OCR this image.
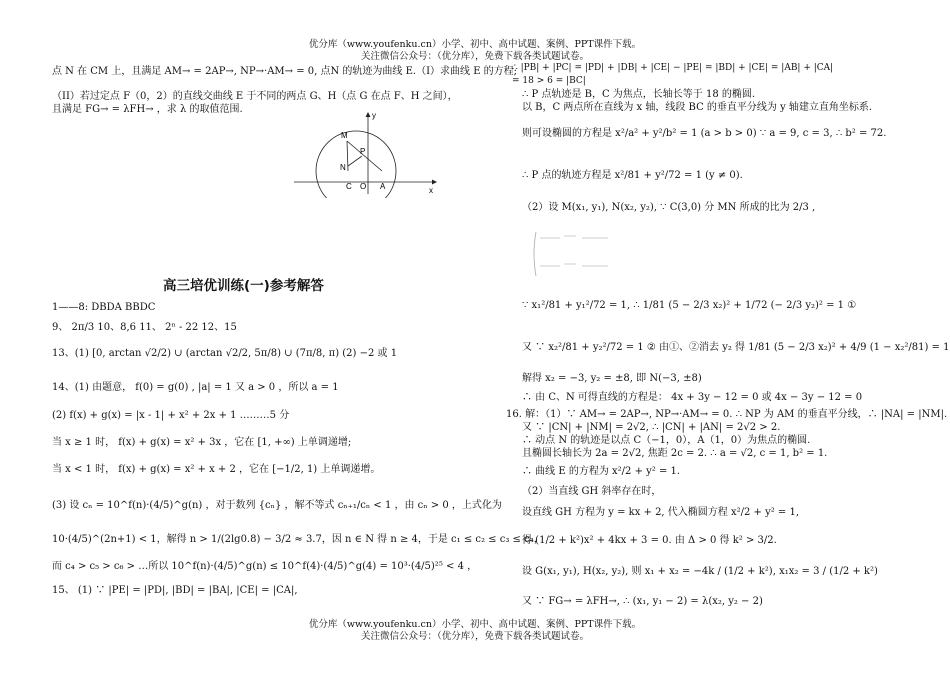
优分库（www.youfenku.cn）小学、初中、高中试题、案例、PPT课件下载。
关注微信公众号：（优分库），免费下载各类试题试卷。
点 N 在 CM 上，且满足 AM→ = 2AP→, NP→·AM→ = 0, 点N 的轨迹为曲线 E.（I）求曲线 E 的方程;
（II）若过定点 F（0，2）的直线交曲线 E 于不同的两点 G、H（点 G 在点 F、H 之间），
且满足 FG→ = λFH→ ，求 λ 的取值范围.
M
P
N
C O A	x
y
高三培优训练(一)参考解答
1——8: DBDA BBDC
9、 2π/3 10、8,6 11、 2ⁿ - 22 12、15
13、(1) [0, arctan √2/2) ∪ (arctan √2/2, 5π/8) ∪ (7π/8, π) (2) −2 或 1
14、(1) 由题意， f(0) = g(0) , |a| = 1 又 a > 0 ，所以 a = 1
(2) f(x) + g(x) = |x - 1| + x² + 2x + 1 ………5 分
当 x ≥ 1 时， f(x) + g(x) = x² + 3x ，它在 [1, +∞) 上单调递增;
当 x < 1 时， f(x) + g(x) = x² + x + 2 ，它在 [−1/2, 1) 上单调递增。
(3) 设 cₙ = 10^f(n)·(4/5)^g(n) ，对于数列 {cₙ} ，解不等式 cₙ₊₁/cₙ < 1 ，由 cₙ > 0 ，上式化为
10·(4/5)^(2n+1) < 1，解得 n > 1/(2lg0.8) − 3/2 ≈ 3.7，因 n ∈ N 得 n ≥ 4，于是 c₁ ≤ c₂ ≤ c₃ ≤ c₄，
而 c₄ > c₅ > c₆ > …所以 10^f(n)·(4/5)^g(n) ≤ 10^f(4)·(4/5)^g(4) = 10³·(4/5)²⁵ < 4 ，
15、 (1) ∵ |PE| = |PD|, |BD| = |BA|, |CE| = |CA|,
∴ |PB| + |PC| = |PD| + |DB| + |CE| − |PE| = |BD| + |CE| = |AB| + |CA|
= 18 > 6 = |BC|
∴ P 点轨迹是 B，C 为焦点，长轴长等于 18 的椭圆.
以 B，C 两点所在直线为 x 轴，线段 BC 的垂直平分线为 y 轴建立直角坐标系.
则可设椭圆的方程是 x²/a² + y²/b² = 1 (a > b > 0) ∵ a = 9, c = 3, ∴ b² = 72.
∴ P 点的轨迹方程是 x²/81 + y²/72 = 1 (y ≠ 0).
（2）设 M(x₁, y₁), N(x₂, y₂), ∵ C(3,0) 分 MN 所成的比为 2/3 ,
∵ x₁²/81 + y₁²/72 = 1, ∴ 1/81 (5 − 2/3 x₂)² + 1/72 (− 2/3 y₂)² = 1 ①
又 ∵ x₂²/81 + y₂²/72 = 1 ② 由①、②消去 y₂ 得 1/81 (5 − 2/3 x₂)² + 4/9 (1 − x₂²/81) = 1
解得 x₂ = −3, y₂ = ±8, 即 N(−3, ±8)
∴ 由 C、N 可得直线的方程是： 4x + 3y − 12 = 0 或 4x − 3y − 12 = 0
16. 解：（1）∵ AM→ = 2AP→, NP→·AM→ = 0. ∴ NP 为 AM 的垂直平分线，∴ |NA| = |NM|.
又 ∵ |CN| + |NM| = 2√2, ∴ |CN| + |AN| = 2√2 > 2.
∴ 动点 N 的轨迹是以点 C（−1，0），A（1，0）为焦点的椭圆.
且椭圆长轴长为 2a = 2√2, 焦距 2c = 2. ∴ a = √2, c = 1, b² = 1.
∴ 曲线 E 的方程为 x²/2 + y² = 1.
（2）当直线 GH 斜率存在时，
设直线 GH 方程为 y = kx + 2, 代入椭圆方程 x²/2 + y² = 1,
得 (1/2 + k²)x² + 4kx + 3 = 0. 由 Δ > 0 得 k² > 3/2.
设 G(x₁, y₁), H(x₂, y₂), 则 x₁ + x₂ = −4k / (1/2 + k²), x₁x₂ = 3 / (1/2 + k²)
又 ∵ FG→ = λFH→, ∴ (x₁, y₁ − 2) = λ(x₂, y₂ − 2)
优分库（www.youfenku.cn）小学、初中、高中试题、案例、PPT课件下载。
关注微信公众号：（优分库），免费下载各类试题试卷。
